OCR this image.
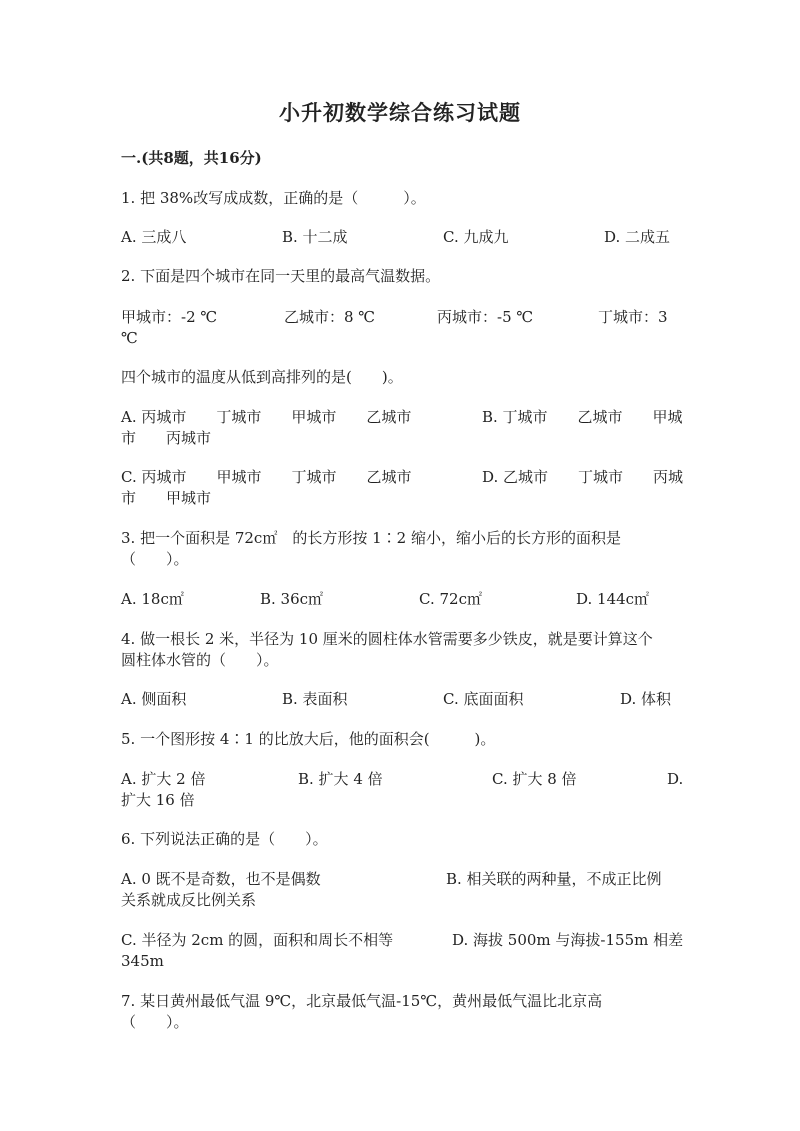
小升初数学综合练习试题
一.(共8题，共16分)
1. 把 38%改写成成数，正确的是（　　　）。
A. 三成八	B. 十二成	C. 九成九	D. 二成五
2. 下面是四个城市在同一天里的最高气温数据。
甲城市：-2 ℃	乙城市：8 ℃	丙城市：-5 ℃	丁城市：3
℃
四个城市的温度从低到高排列的是(　　)。
A. 丙城市　　丁城市　　甲城市　　乙城市	B. 丁城市　　乙城市　　甲城
市　　丙城市
C. 丙城市　　甲城市　　丁城市　　乙城市	D. 乙城市　　丁城市　　丙城
市　　甲城市
3. 把一个面积是 72c㎡　的长方形按 1∶2 缩小，缩小后的长方形的面积是
（　　）。
A. 18c㎡	B. 36c㎡	C. 72c㎡	D. 144c㎡
4. 做一根长 2 米，半径为 10 厘米的圆柱体水管需要多少铁皮，就是要计算这个
圆柱体水管的（　　）。
A. 侧面积	B. 表面积	C. 底面面积	D. 体积
5. 一个图形按 4∶1 的比放大后，他的面积会(　　　)。
A. 扩大 2 倍	B. 扩大 4 倍	C. 扩大 8 倍	D.
扩大 16 倍
6. 下列说法正确的是（　　）。
A. 0 既不是奇数，也不是偶数	B. 相关联的两种量，不成正比例
关系就成反比例关系
C. 半径为 2cm 的圆，面积和周长不相等	D. 海拔 500m 与海拔-155m 相差
345m
7. 某日黄州最低气温 9℃，北京最低气温-15℃，黄州最低气温比北京高
（　　）。
